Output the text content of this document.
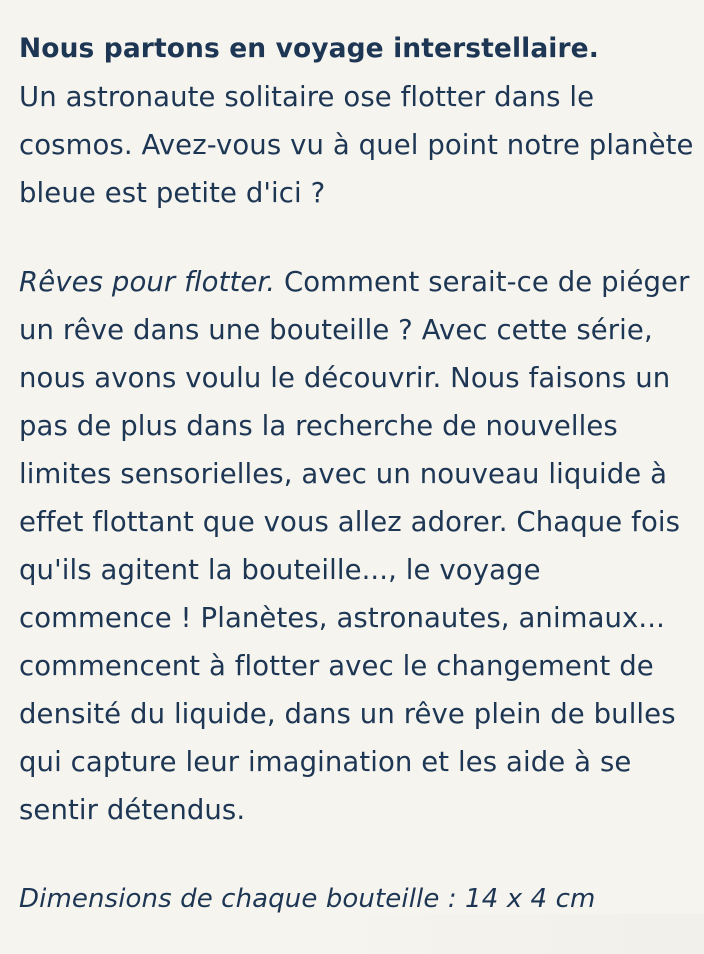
Nous partons en voyage interstellaire.
Un astronaute solitaire ose flotter dans le cosmos. Avez-vous vu à quel point notre planète bleue est petite d'ici ?

Rêves pour flotter. Comment serait-ce de piéger un rêve dans une bouteille ? Avec cette série, nous avons voulu le découvrir. Nous faisons un pas de plus dans la recherche de nouvelles limites sensorielles, avec un nouveau liquide à effet flottant que vous allez adorer. Chaque fois qu'ils agitent la bouteille..., le voyage commence ! Planètes, astronautes, animaux... commencent à flotter avec le changement de densité du liquide, dans un rêve plein de bulles qui capture leur imagination et les aide à se sentir détendus.

Dimensions de chaque bouteille : 14 x 4 cm
